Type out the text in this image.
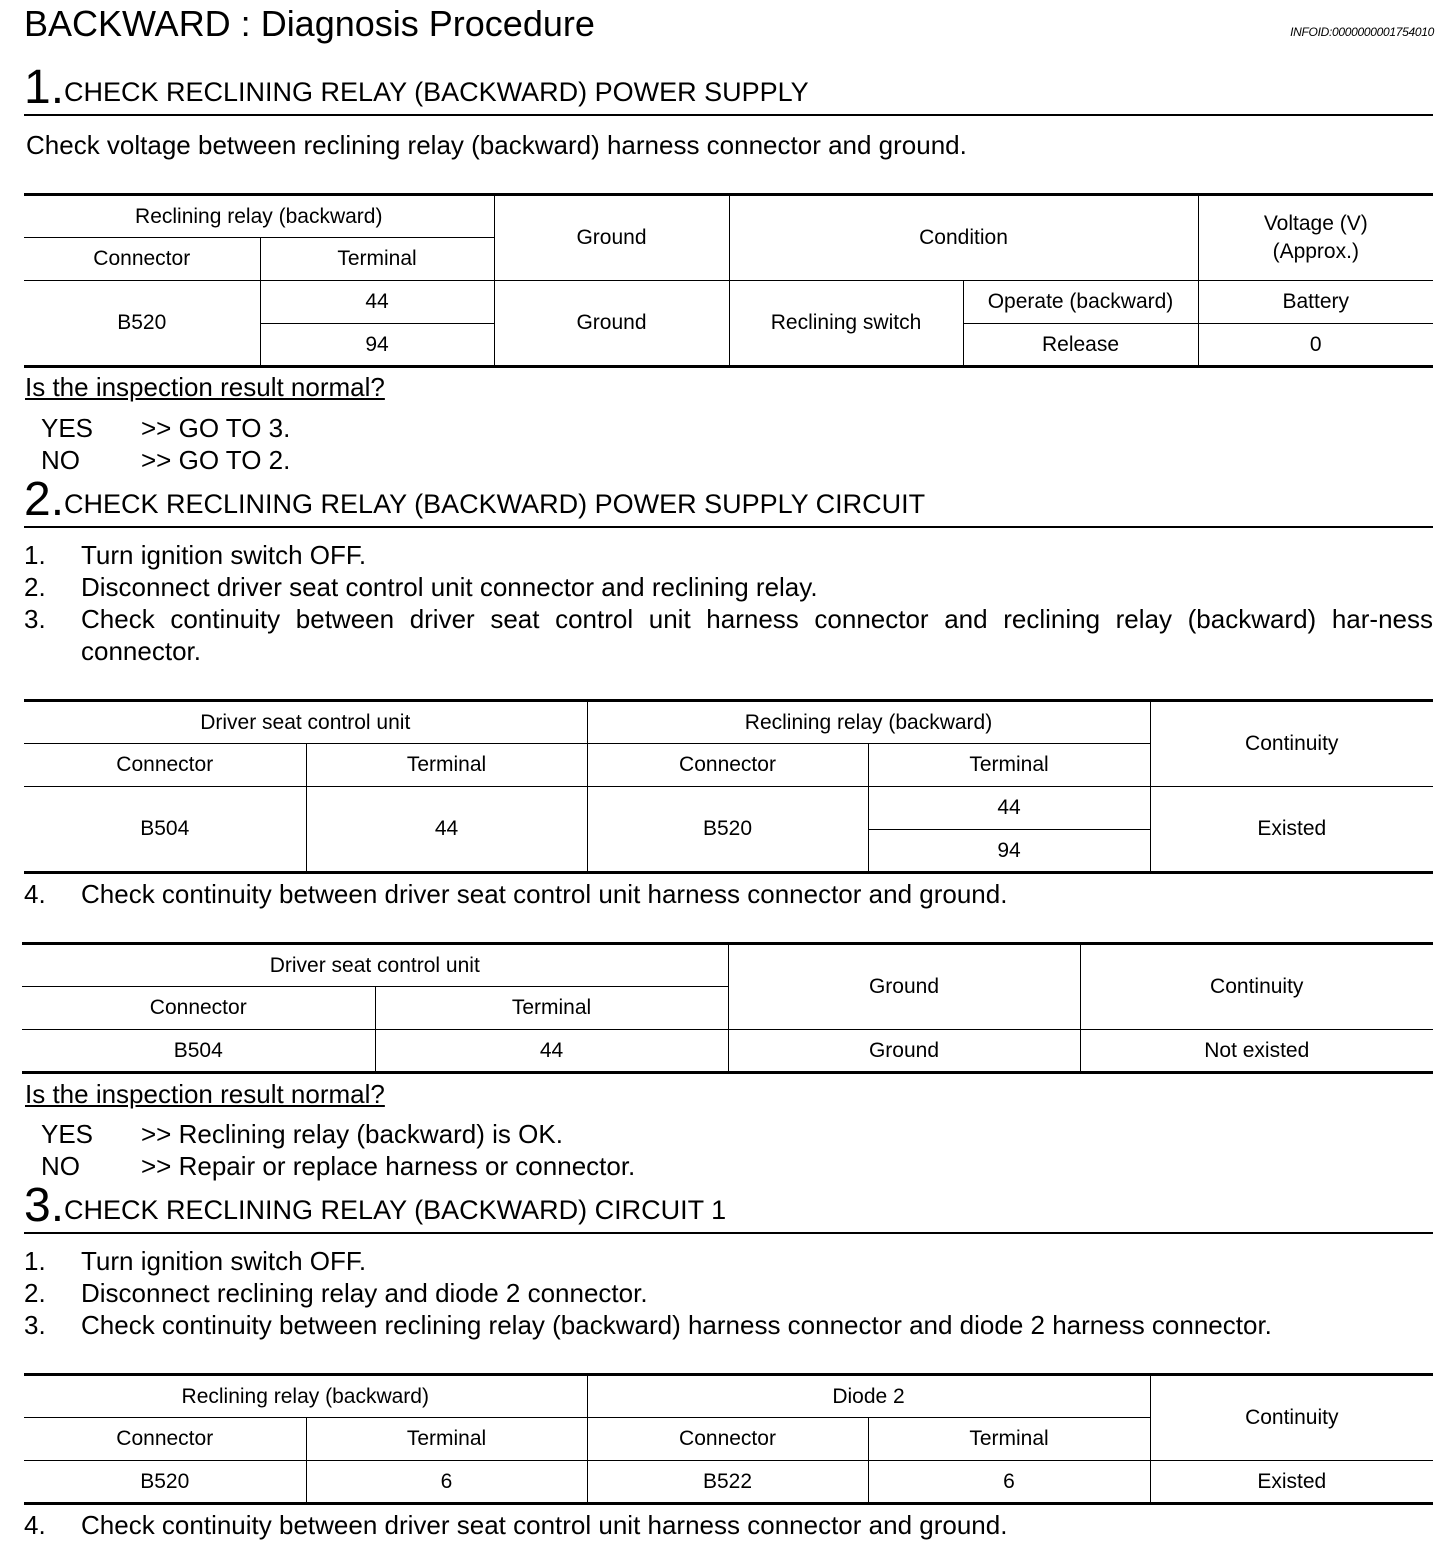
BACKWARD : Diagnosis Procedure	INFOID:0000000001754010
1. CHECK RECLINING RELAY (BACKWARD) POWER SUPPLY
Check voltage between reclining relay (backward) harness connector and ground.
Reclining relay (backward)		Ground	Condition		Voltage (V)
(Approx.)

Connector	Terminal				
B520	44	Ground	Reclining switch	Operate (backward)	Battery
	94			Release	0
Is the inspection result normal?
YES >> GO TO 3.
NO >> GO TO 2.
2. CHECK RECLINING RELAY (BACKWARD) POWER SUPPLY CIRCUIT
1. Turn ignition switch OFF.
2. Disconnect driver seat control unit connector and reclining relay.
3. Check continuity between driver seat control unit harness connector and reclining relay (backward) har-ness connector.
Driver seat control unit		Reclining relay (backward)		Continuity
Connector	Terminal	Connector	Terminal	
B504	44	B520	44	Existed
			94	
4. Check continuity between driver seat control unit harness connector and ground.
Driver seat control unit		Ground	Continuity
Connector	Terminal		
B504	44	Ground	Not existed
Is the inspection result normal?
YES >> Reclining relay (backward) is OK.
NO >> Repair or replace harness or connector.
3. CHECK RECLINING RELAY (BACKWARD) CIRCUIT 1
1. Turn ignition switch OFF.
2. Disconnect reclining relay and diode 2 connector.
3. Check continuity between reclining relay (backward) harness connector and diode 2 harness connector.
Reclining relay (backward)		Diode 2		Continuity
Connector	Terminal	Connector	Terminal	
B520	6	B522	6	Existed
4. Check continuity between driver seat control unit harness connector and ground.
